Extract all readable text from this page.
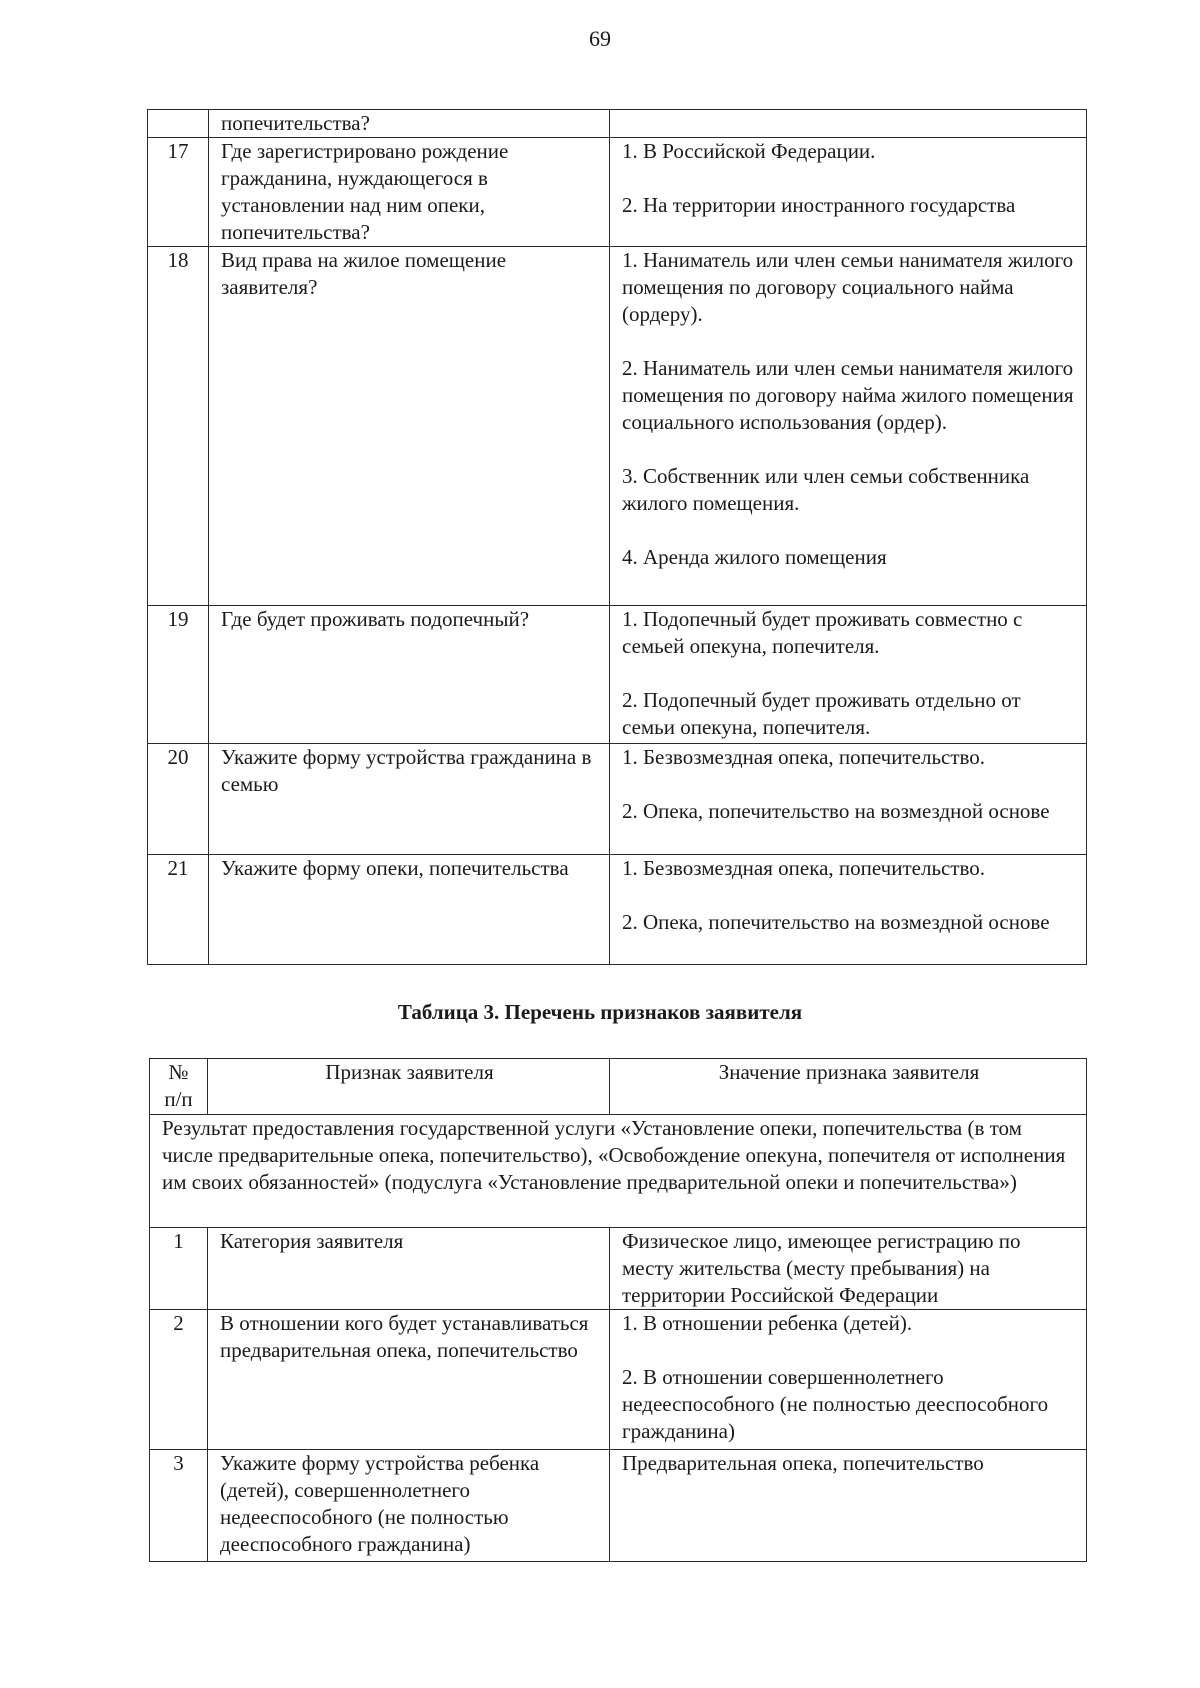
69
	попечительства?	
17	Где зарегистрировано рождение гражданина, нуждающегося в установлении над ним опеки, попечительства?	1. В Российской Федерации.

2. На территории иностранного государства
18	Вид права на жилое помещение заявителя?	1. Наниматель или член семьи нанимателя жилого помещения по договору социального найма (ордеру).

2. Наниматель или член семьи нанимателя жилого помещения по договору найма жилого помещения социального использования (ордер).

3. Собственник или член семьи собственника жилого помещения.

4. Аренда жилого помещения
19	Где будет проживать подопечный?	1. Подопечный будет проживать совместно с семьей опекуна, попечителя.

2. Подопечный будет проживать отдельно от семьи опекуна, попечителя.
20	Укажите форму устройства гражданина в семью	1. Безвозмездная опека, попечительство.

2. Опека, попечительство на возмездной основе
21	Укажите форму опеки, попечительства	1. Безвозмездная опека, попечительство.

2. Опека, попечительство на возмездной основе
Таблица 3. Перечень признаков заявителя
№
п/п	Признак заявителя	Значение признака заявителя
Результат предоставления государственной услуги «Установление опеки, попечительства (в том числе предварительные опека, попечительство), «Освобождение опекуна, попечителя от исполнения им своих обязанностей» (подуслуга «Установление предварительной опеки и попечительства»)		
1	Категория заявителя	Физическое лицо, имеющее регистрацию по месту жительства (месту пребывания) на территории Российской Федерации
2	В отношении кого будет устанавливаться предварительная опека, попечительство	1. В отношении ребенка (детей).

2. В отношении совершеннолетнего недееспособного (не полностью дееспособного гражданина)
3	Укажите форму устройства ребенка (детей), совершеннолетнего недееспособного (не полностью дееспособного гражданина)	Предварительная опека, попечительство
